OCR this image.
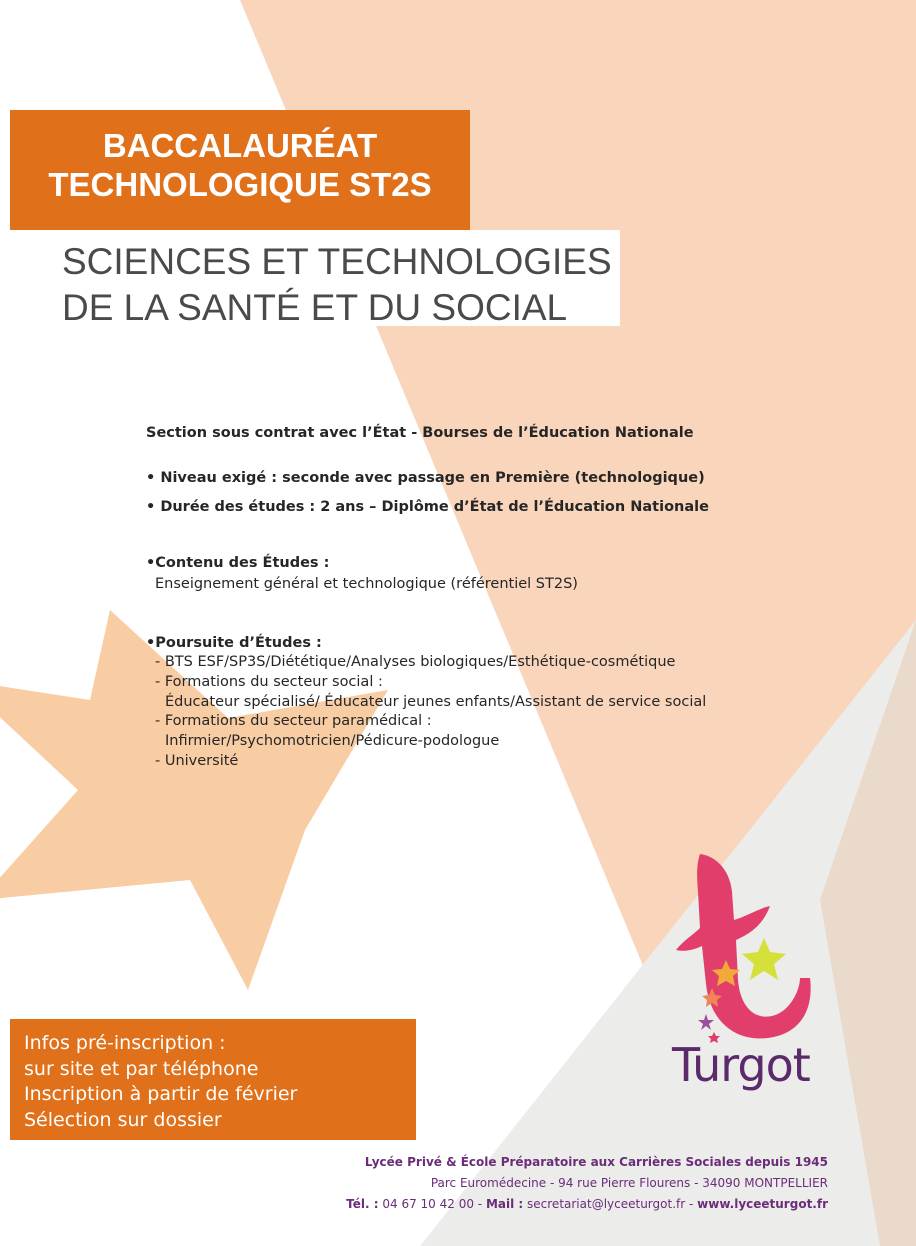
BACCALAURÉAT
TECHNOLOGIQUE ST2S
SCIENCES ET TECHNOLOGIES
DE LA SANTÉ ET DU SOCIAL
Section sous contrat avec l’État - Bourses de l’Éducation Nationale
• Niveau exigé : seconde avec passage en Première (technologique)
• Durée des études : 2 ans – Diplôme d’État de l’Éducation Nationale
•Contenu des Études :
Enseignement général et technologique (référentiel ST2S)
•Poursuite d’Études :
- BTS ESF/SP3S/Diététique/Analyses biologiques/Esthétique-cosmétique
- Formations du secteur social :
Éducateur spécialisé/ Éducateur jeunes enfants/Assistant de service social
- Formations du secteur paramédical :
Infirmier/Psychomotricien/Pédicure-podologue
- Université
Infos pré-inscription :
sur site et par téléphone
Inscription à partir de février
Sélection sur dossier
Turgot
Lycée Privé & École Préparatoire aux Carrières Sociales depuis 1945
Parc Euromédecine - 94 rue Pierre Flourens - 34090 MONTPELLIER
Tél. : 04 67 10 42 00 - Mail : secretariat@lyceeturgot.fr - www.lyceeturgot.fr
